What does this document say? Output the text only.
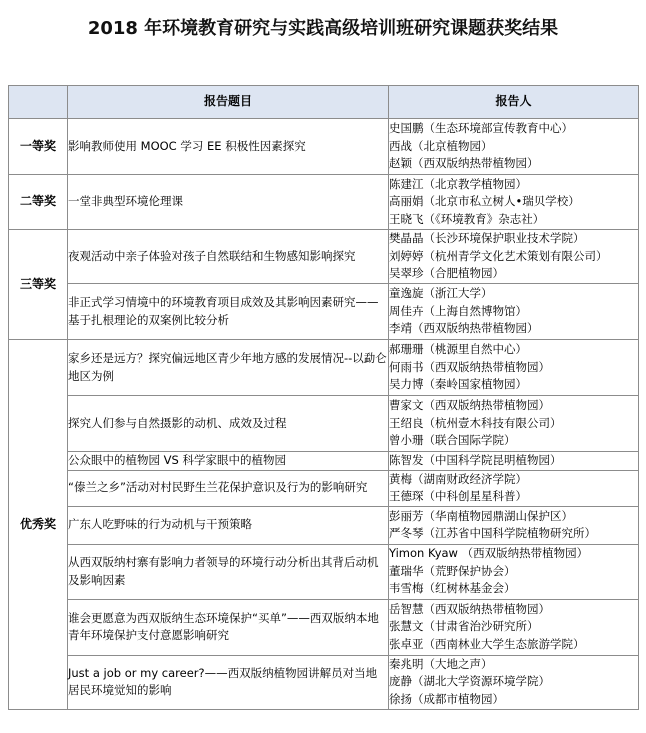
2018 年环境教育研究与实践高级培训班研究课题获奖结果
	报告题目	报告人
一等奖	影响教师使用 MOOC 学习 EE 积极性因素探究	史国鹏（生态环境部宣传教育中心）
西战（北京植物园）
赵颖（西双版纳热带植物园）

二等奖	一堂非典型环境伦理课	陈建江（北京教学植物园）
高丽娟（北京市私立树人•瑞贝学校）
王晓飞（《环境教育》杂志社）

三等奖	夜观活动中亲子体验对孩子自然联结和生物感知影响探究	樊晶晶（长沙环境保护职业技术学院）
刘婷婷（杭州青学文化艺术策划有限公司）
吴翠珍（合肥植物园）

	非正式学习情境中的环境教育项目成效及其影响因素研究——基于扎根理论的双案例比较分析	童逸旋（浙江大学）
周佳卉（上海自然博物馆）
李靖（西双版纳热带植物园）

优秀奖	家乡还是远方？探究偏远地区青少年地方感的发展情况--以勐仑地区为例	郝珊珊（桃源里自然中心）
何雨书（西双版纳热带植物园）
吴力博（秦岭国家植物园）

	探究人们参与自然摄影的动机、成效及过程	曹家文（西双版纳热带植物园）
王绍良（杭州壹木科技有限公司）
曾小珊（联合国际学院）

	公众眼中的植物园 VS 科学家眼中的植物园	陈智发（中国科学院昆明植物园）

	“傣兰之乡”活动对村民野生兰花保护意识及行为的影响研究	黄梅（湖南财政经济学院）
王德琛（中科创星星科普）

	广东人吃野味的行为动机与干预策略	彭丽芳（华南植物园鼎湖山保护区）
严冬琴（江苏省中国科学院植物研究所）

	从西双版纳村寨有影响力者领导的环境行动分析出其背后动机及影响因素	Yimon Kyaw （西双版纳热带植物园）
董瑞华（荒野保护协会）
韦雪梅（红树林基金会）

	谁会更愿意为西双版纳生态环境保护“买单”——西双版纳本地青年环境保护支付意愿影响研究	岳智慧（西双版纳热带植物园）
张慧文（甘肃省治沙研究所）
张卓亚（西南林业大学生态旅游学院）

	Just a job or my career?——西双版纳植物园讲解员对当地居民环境觉知的影响	秦兆明（大地之声）
庞静（湖北大学资源环境学院）
徐扬（成都市植物园）
